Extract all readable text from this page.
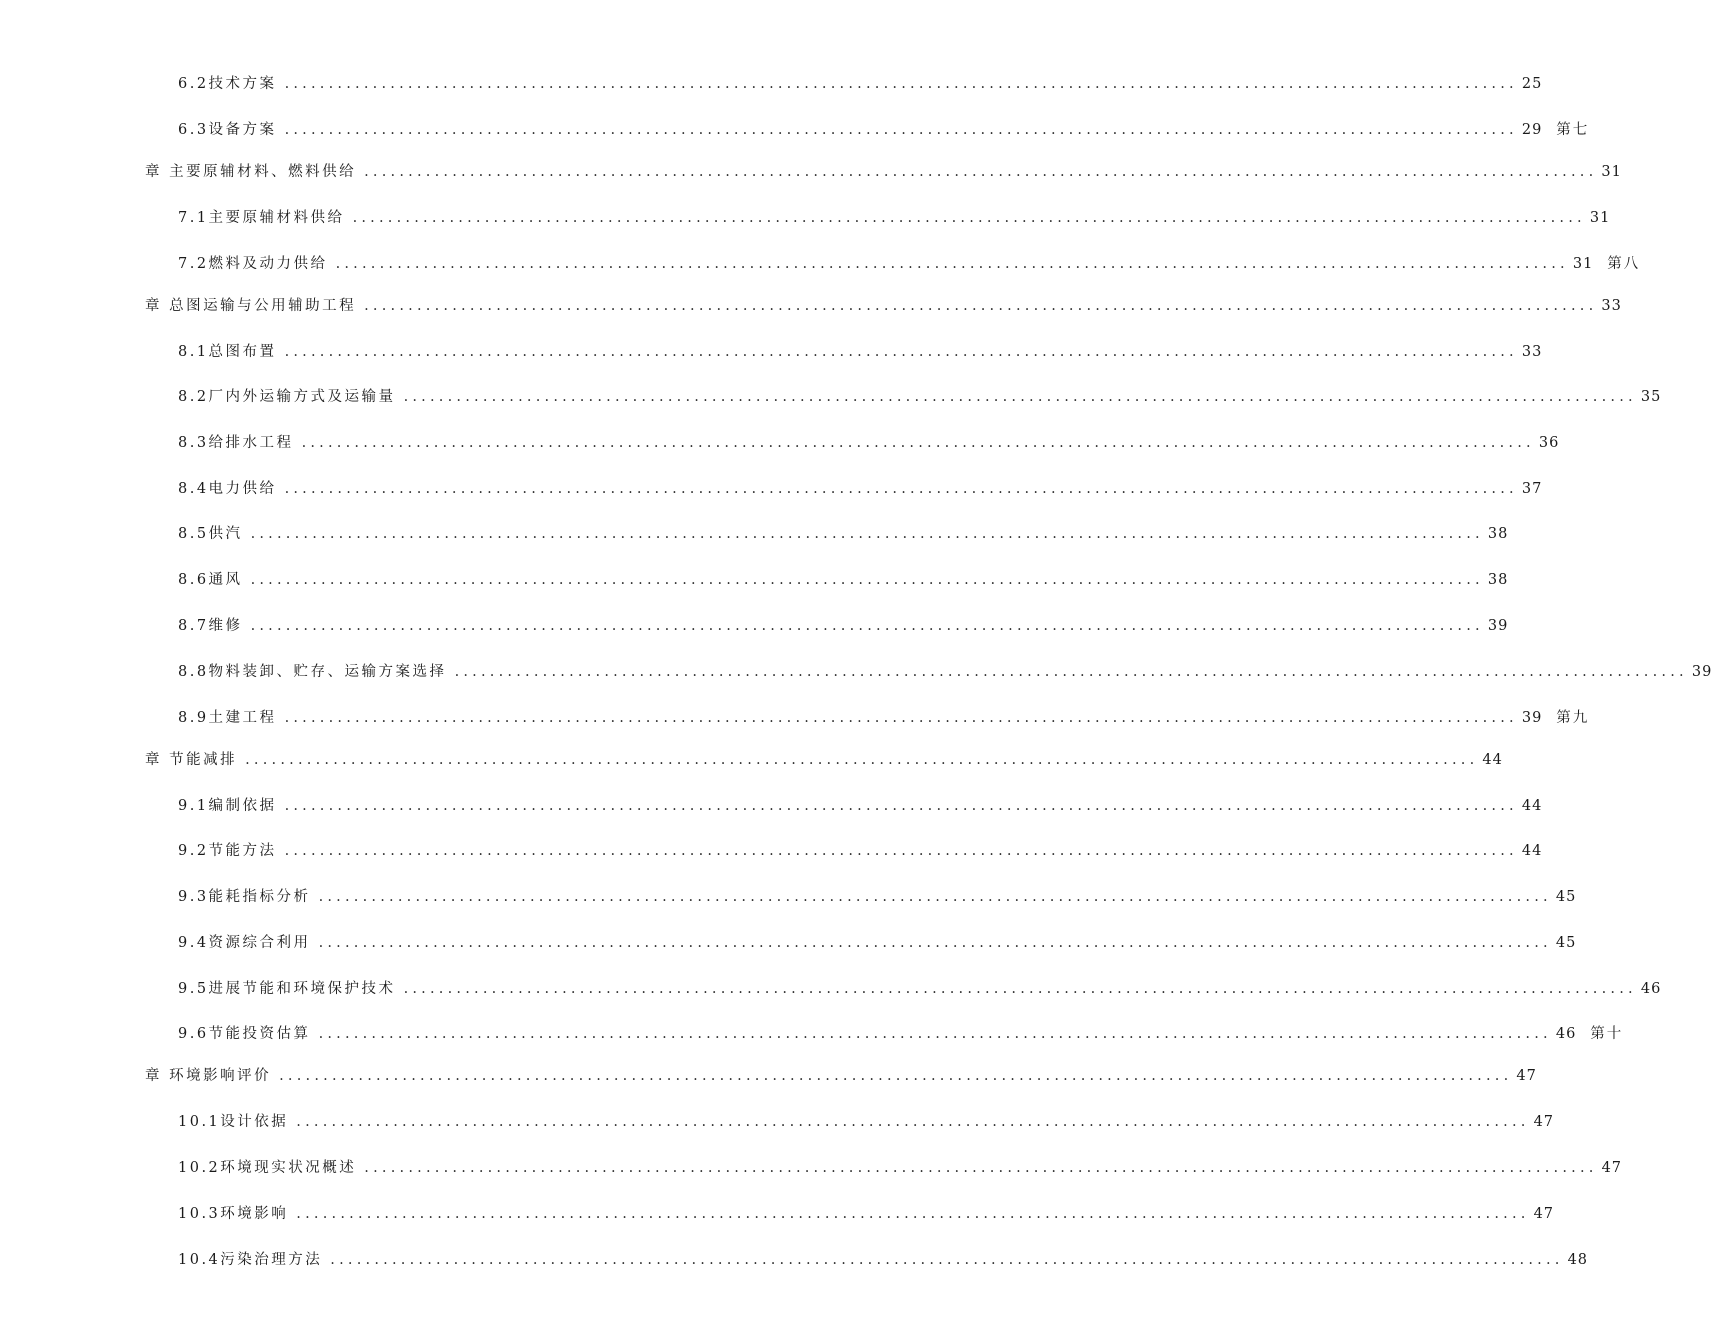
6.2技术方案 ............................................................................................................................................ 25
6.3设备方案 ............................................................................................................................................ 29 第七
章 主要原辅材料、燃料供给 ............................................................................................................................................ 31
7.1主要原辅材料供给 ............................................................................................................................................ 31
7.2燃料及动力供给 ............................................................................................................................................ 31 第八
章 总图运输与公用辅助工程 ............................................................................................................................................ 33
8.1总图布置 ............................................................................................................................................ 33
8.2厂内外运输方式及运输量 ............................................................................................................................................ 35
8.3给排水工程 ............................................................................................................................................ 36
8.4电力供给 ............................................................................................................................................ 37
8.5供汽 ............................................................................................................................................ 38
8.6通风 ............................................................................................................................................ 38
8.7维修 ............................................................................................................................................ 39
8.8物料装卸、贮存、运输方案选择 ............................................................................................................................................ 39
8.9土建工程 ............................................................................................................................................ 39 第九
章 节能减排 ............................................................................................................................................ 44
9.1编制依据 ............................................................................................................................................ 44
9.2节能方法 ............................................................................................................................................ 44
9.3能耗指标分析 ............................................................................................................................................ 45
9.4资源综合利用 ............................................................................................................................................ 45
9.5进展节能和环境保护技术 ............................................................................................................................................ 46
9.6节能投资估算 ............................................................................................................................................ 46 第十
章 环境影响评价 ............................................................................................................................................ 47
10.1设计依据 ............................................................................................................................................ 47
10.2环境现实状况概述 ............................................................................................................................................ 47
10.3环境影响 ............................................................................................................................................ 47
10.4污染治理方法 ............................................................................................................................................ 48
